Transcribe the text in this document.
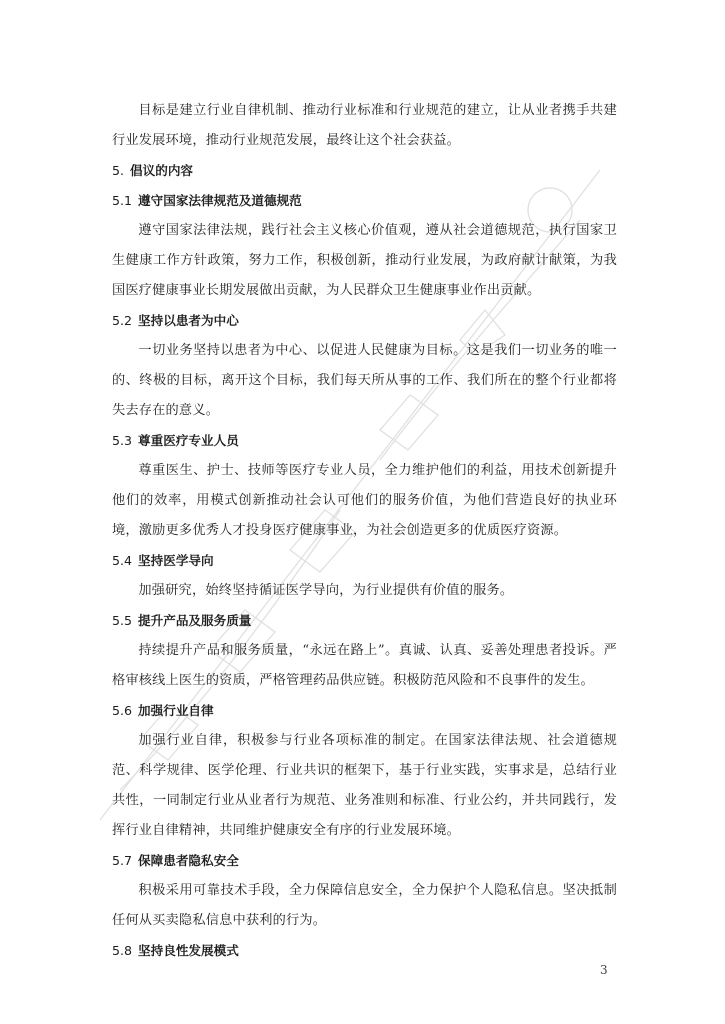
目标是建立行业自律机制、推动行业标准和行业规范的建立，让从业者携手共建行业发展环境，推动行业规范发展，最终让这个社会获益。

5. 倡议的内容

5.1 遵守国家法律规范及道德规范

遵守国家法律法规，践行社会主义核心价值观，遵从社会道德规范，执行国家卫生健康工作方针政策，努力工作，积极创新，推动行业发展，为政府献计献策，为我国医疗健康事业长期发展做出贡献，为人民群众卫生健康事业作出贡献。

5.2 坚持以患者为中心

一切业务坚持以患者为中心、以促进人民健康为目标。这是我们一切业务的唯一的、终极的目标，离开这个目标，我们每天所从事的工作、我们所在的整个行业都将失去存在的意义。

5.3 尊重医疗专业人员

尊重医生、护士、技师等医疗专业人员，全力维护他们的利益，用技术创新提升他们的效率，用模式创新推动社会认可他们的服务价值，为他们营造良好的执业环境，激励更多优秀人才投身医疗健康事业，为社会创造更多的优质医疗资源。

5.4 坚持医学导向

加强研究，始终坚持循证医学导向，为行业提供有价值的服务。

5.5 提升产品及服务质量

持续提升产品和服务质量，“永远在路上”。真诚、认真、妥善处理患者投诉。严格审核线上医生的资质，严格管理药品供应链。积极防范风险和不良事件的发生。

5.6 加强行业自律

加强行业自律，积极参与行业各项标准的制定。在国家法律法规、社会道德规范、科学规律、医学伦理、行业共识的框架下，基于行业实践，实事求是，总结行业共性，一同制定行业从业者行为规范、业务准则和标准、行业公约，并共同践行，发挥行业自律精神，共同维护健康安全有序的行业发展环境。

5.7 保障患者隐私安全

积极采用可靠技术手段，全力保障信息安全，全力保护个人隐私信息。坚决抵制任何从买卖隐私信息中获利的行为。

5.8 坚持良性发展模式

3
